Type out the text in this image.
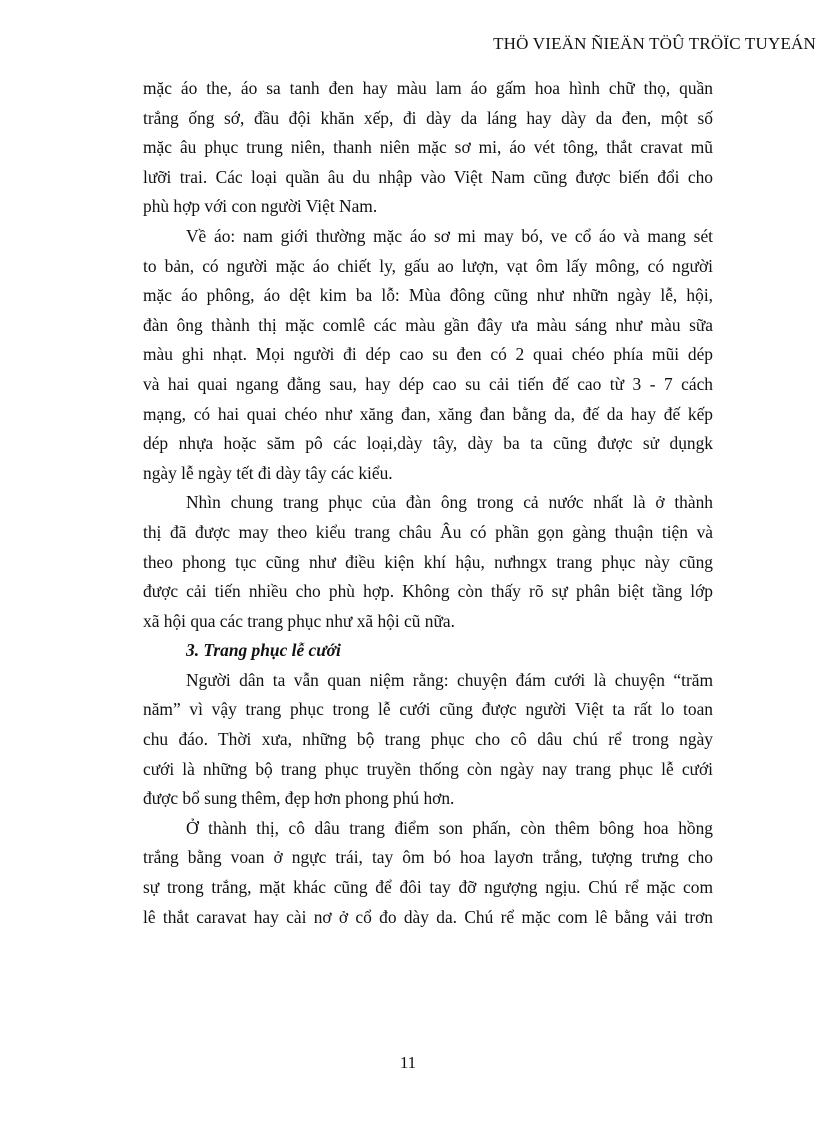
THÖ VIEÄN ÑIEÄN TÖÛ TRÖÏC TUYEÁN
mặc áo the, áo sa tanh đen hay màu lam áo gấm hoa hình chữ thọ, quần
trắng ống sớ, đầu đội khăn xếp, đi dày da láng hay dày da đen, một số
mặc âu phục trung niên, thanh niên mặc sơ mi, áo vét tông, thắt cravat mũ
lưỡi trai. Các loại quần âu du nhập vào Việt Nam cũng được biến đổi cho
phù hợp với con người Việt Nam.
Về áo: nam giới thường mặc áo sơ mi may bó, ve cổ áo và mang sét
to bản, có người mặc áo chiết ly, gấu ao lượn, vạt ôm lấy mông, có người
mặc áo phông, áo dệt kim ba lỗ: Mùa đông cũng như nhữn ngày lễ, hội,
đàn ông thành thị mặc comlê các màu gần đây ưa màu sáng như màu sữa
màu ghi nhạt. Mọi người đi dép cao su đen có 2 quai chéo phía mũi dép
và hai quai ngang đằng sau, hay dép cao su cải tiến đế cao từ 3 - 7 cách
mạng, có hai quai chéo như xăng đan, xăng đan bằng da, đế da hay đế kếp
dép nhựa hoặc săm pô các loại,dày tây, dày ba ta cũng được sử dụngk
ngày lễ ngày tết đi dày tây các kiểu.
Nhìn chung trang phục của đàn ông trong cả nước nhất là ở thành
thị đã được may theo kiểu trang châu Âu có phần gọn gàng thuận tiện và
theo phong tục cũng như điều kiện khí hậu, nưhngx trang phục này cũng
được cải tiến nhiều cho phù hợp. Không còn thấy rõ sự phân biệt tầng lớp
xã hội qua các trang phục như xã hội cũ nữa.
3. Trang phục lễ cưới
Người dân ta vẫn quan niệm rằng: chuyện đám cưới là chuyện “trăm
năm” vì vậy trang phục trong lễ cưới cũng được người Việt ta rất lo toan
chu đáo. Thời xưa, những bộ trang phục cho cô dâu chú rể trong ngày
cưới là những bộ trang phục truyền thống còn ngày nay trang phục lễ cưới
được bổ sung thêm, đẹp hơn phong phú hơn.
Ở thành thị, cô dâu trang điểm son phấn, còn thêm bông hoa hồng
trắng bằng voan ở ngực trái, tay ôm bó hoa layơn trắng, tượng trưng cho
sự trong trắng, mặt khác cũng để đôi tay đỡ ngượng ngịu. Chú rể mặc com
lê thắt caravat hay cài nơ ở cổ đo dày da. Chú rể mặc com lê bằng vải trơn
11
